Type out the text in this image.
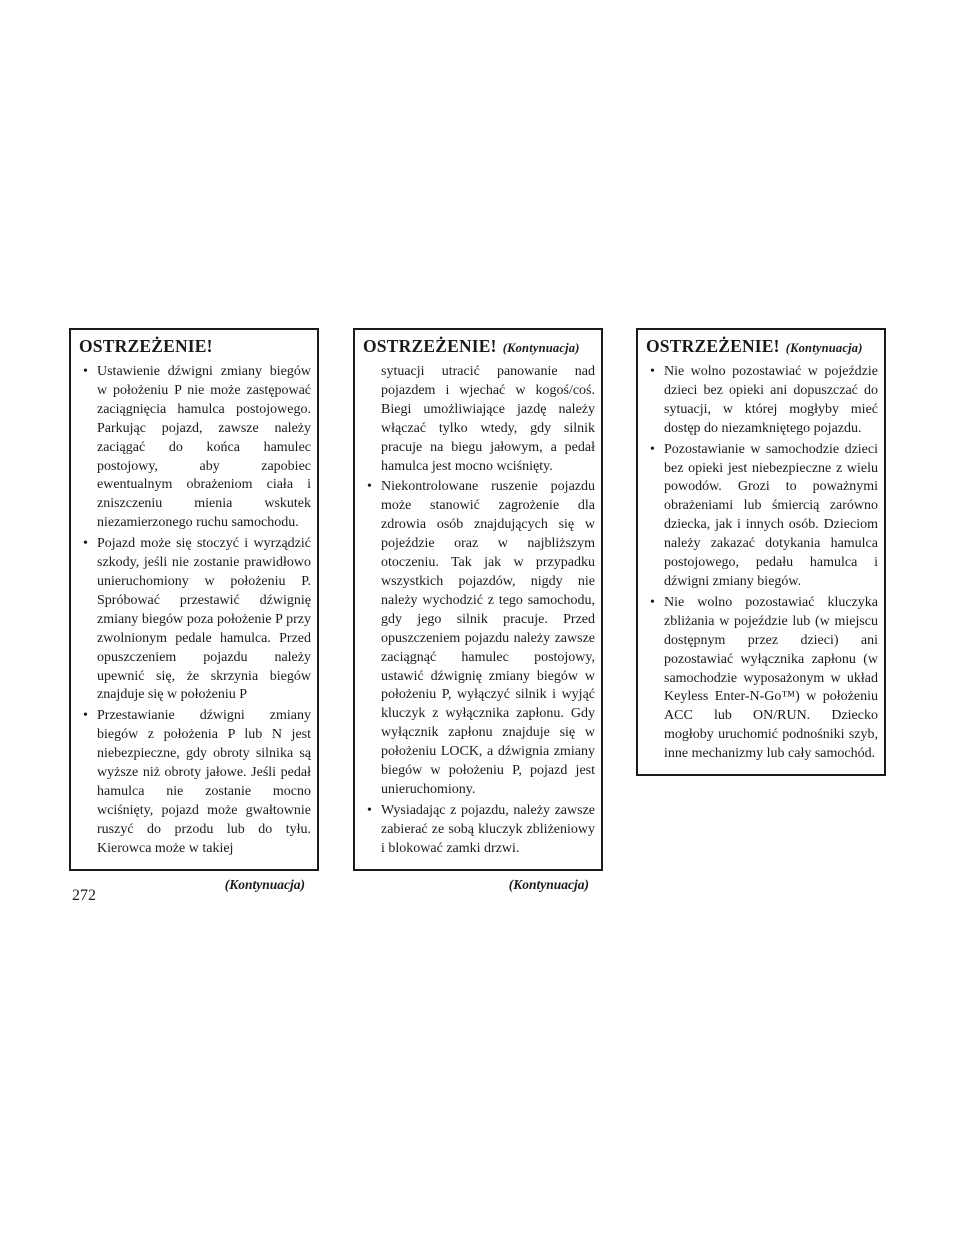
OSTRZEŻENIE!
• Ustawienie dźwigni zmiany biegów w położeniu P nie może zastępować zaciągnięcia hamulca postojowego. Parkując pojazd, zawsze należy zaciągać do końca hamulec postojowy, aby zapobiec ewentualnym obrażeniom ciała i zniszczeniu mienia wskutek niezamierzonego ruchu samochodu.
• Pojazd może się stoczyć i wyrządzić szkody, jeśli nie zostanie prawidłowo unieruchomiony w położeniu P. Spróbować przestawić dźwignię zmiany biegów poza położenie P przy zwolnionym pedale hamulca. Przed opuszczeniem pojazdu należy upewnić się, że skrzynia biegów znajduje się w położeniu P
• Przestawianie dźwigni zmiany biegów z położenia P lub N jest niebezpieczne, gdy obroty silnika są wyższe niż obroty jałowe. Jeśli pedał hamulca nie zostanie mocno wciśnięty, pojazd może gwałtownie ruszyć do przodu lub do tyłu. Kierowca może w takiej
(Kontynuacja)
OSTRZEŻENIE! (Kontynuacja)

sytuacji utracić panowanie nad pojazdem i wjechać w kogoś/coś. Biegi umożliwiające jazdę należy włączać tylko wtedy, gdy silnik pracuje na biegu jałowym, a pedał hamulca jest mocno wciśnięty.

• Niekontrolowane ruszenie pojazdu może stanowić zagrożenie dla zdrowia osób znajdujących się w pojeździe oraz w najbliższym otoczeniu. Tak jak w przypadku wszystkich pojazdów, nigdy nie należy wychodzić z tego samochodu, gdy jego silnik pracuje. Przed opuszczeniem pojazdu należy zawsze zaciągnąć hamulec postojowy, ustawić dźwignię zmiany biegów w położeniu P, wyłączyć silnik i wyjąć kluczyk z wyłącznika zapłonu. Gdy wyłącznik zapłonu znajduje się w położeniu LOCK, a dźwignia zmiany biegów w położeniu P, pojazd jest unieruchomiony.
• Wysiadając z pojazdu, należy zawsze zabierać ze sobą kluczyk zbliżeniowy i blokować zamki drzwi.
(Kontynuacja)
OSTRZEŻENIE! (Kontynuacja)
• Nie wolno pozostawiać w pojeździe dzieci bez opieki ani dopuszczać do sytuacji, w której mogłyby mieć dostęp do niezamkniętego pojazdu.
• Pozostawianie w samochodzie dzieci bez opieki jest niebezpieczne z wielu powodów. Grozi to poważnymi obrażeniami lub śmiercią zarówno dziecka, jak i innych osób. Dzieciom należy zakazać dotykania hamulca postojowego, pedału hamulca i dźwigni zmiany biegów.
• Nie wolno pozostawiać kluczyka zbliżania w pojeździe lub (w miejscu dostępnym przez dzieci) ani pozostawiać wyłącznika zapłonu (w samochodzie wyposażonym w układ Keyless Enter-N-Go™) w położeniu ACC lub ON/RUN. Dziecko mogłoby uruchomić podnośniki szyb, inne mechanizmy lub cały samochód.
272
